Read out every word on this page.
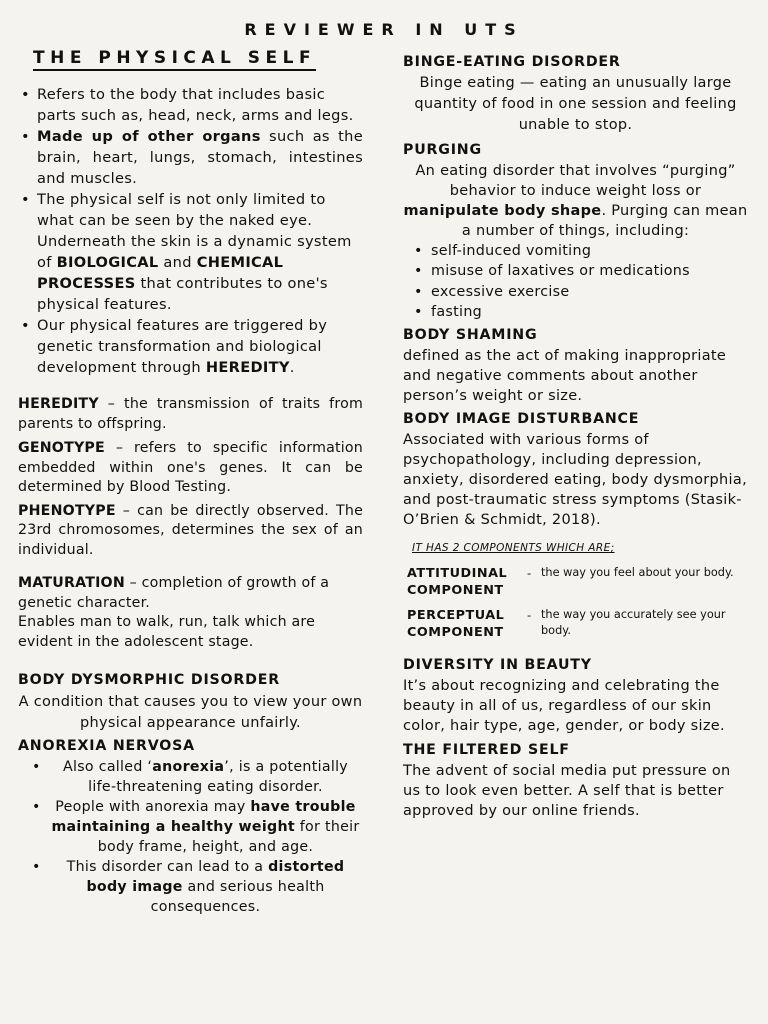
REVIEWER IN UTS
THE PHYSICAL SELF
• Refers to the body that includes basic parts such as, head, neck, arms and legs.
• Made up of other organs such as the brain, heart, lungs, stomach, intestines and muscles.
• The physical self is not only limited to what can be seen by the naked eye. Underneath the skin is a dynamic system of BIOLOGICAL and CHEMICAL PROCESSES that contributes to one's physical features.
• Our physical features are triggered by genetic transformation and biological development through HEREDITY.
HEREDITY – the transmission of traits from parents to offspring.
GENOTYPE – refers to specific information embedded within one's genes. It can be determined by Blood Testing.
PHENOTYPE – can be directly observed. The 23rd chromosomes, determines the sex of an individual.
MATURATION – completion of growth of a genetic character.
Enables man to walk, run, talk which are evident in the adolescent stage.
BODY DYSMORPHIC DISORDER
A condition that causes you to view your own physical appearance unfairly.
ANOREXIA NERVOSA
• Also called ‘anorexia’, is a potentially life-threatening eating disorder.
• People with anorexia may have trouble maintaining a healthy weight for their body frame, height, and age.
• This disorder can lead to a distorted body image and serious health consequences.
BINGE-EATING DISORDER
Binge eating — eating an unusually large quantity of food in one session and feeling unable to stop.
PURGING
An eating disorder that involves “purging” behavior to induce weight loss or manipulate body shape. Purging can mean a number of things, including:
• self-induced vomiting
• misuse of laxatives or medications
• excessive exercise
• fasting
BODY SHAMING
defined as the act of making inappropriate and negative comments about another person’s weight or size.
BODY IMAGE DISTURBANCE
Associated with various forms of psychopathology, including depression, anxiety, disordered eating, body dysmorphia, and post-traumatic stress symptoms (Stasik-O’Brien & Schmidt, 2018).
IT HAS 2 COMPONENTS WHICH ARE;
ATTITUDINAL COMPONENT
- the way you feel about your body.
PERCEPTUAL COMPONENT
- the way you accurately see your body.
DIVERSITY IN BEAUTY
It’s about recognizing and celebrating the beauty in all of us, regardless of our skin color, hair type, age, gender, or body size.
THE FILTERED SELF
The advent of social media put pressure on us to look even better. A self that is better approved by our online friends.
